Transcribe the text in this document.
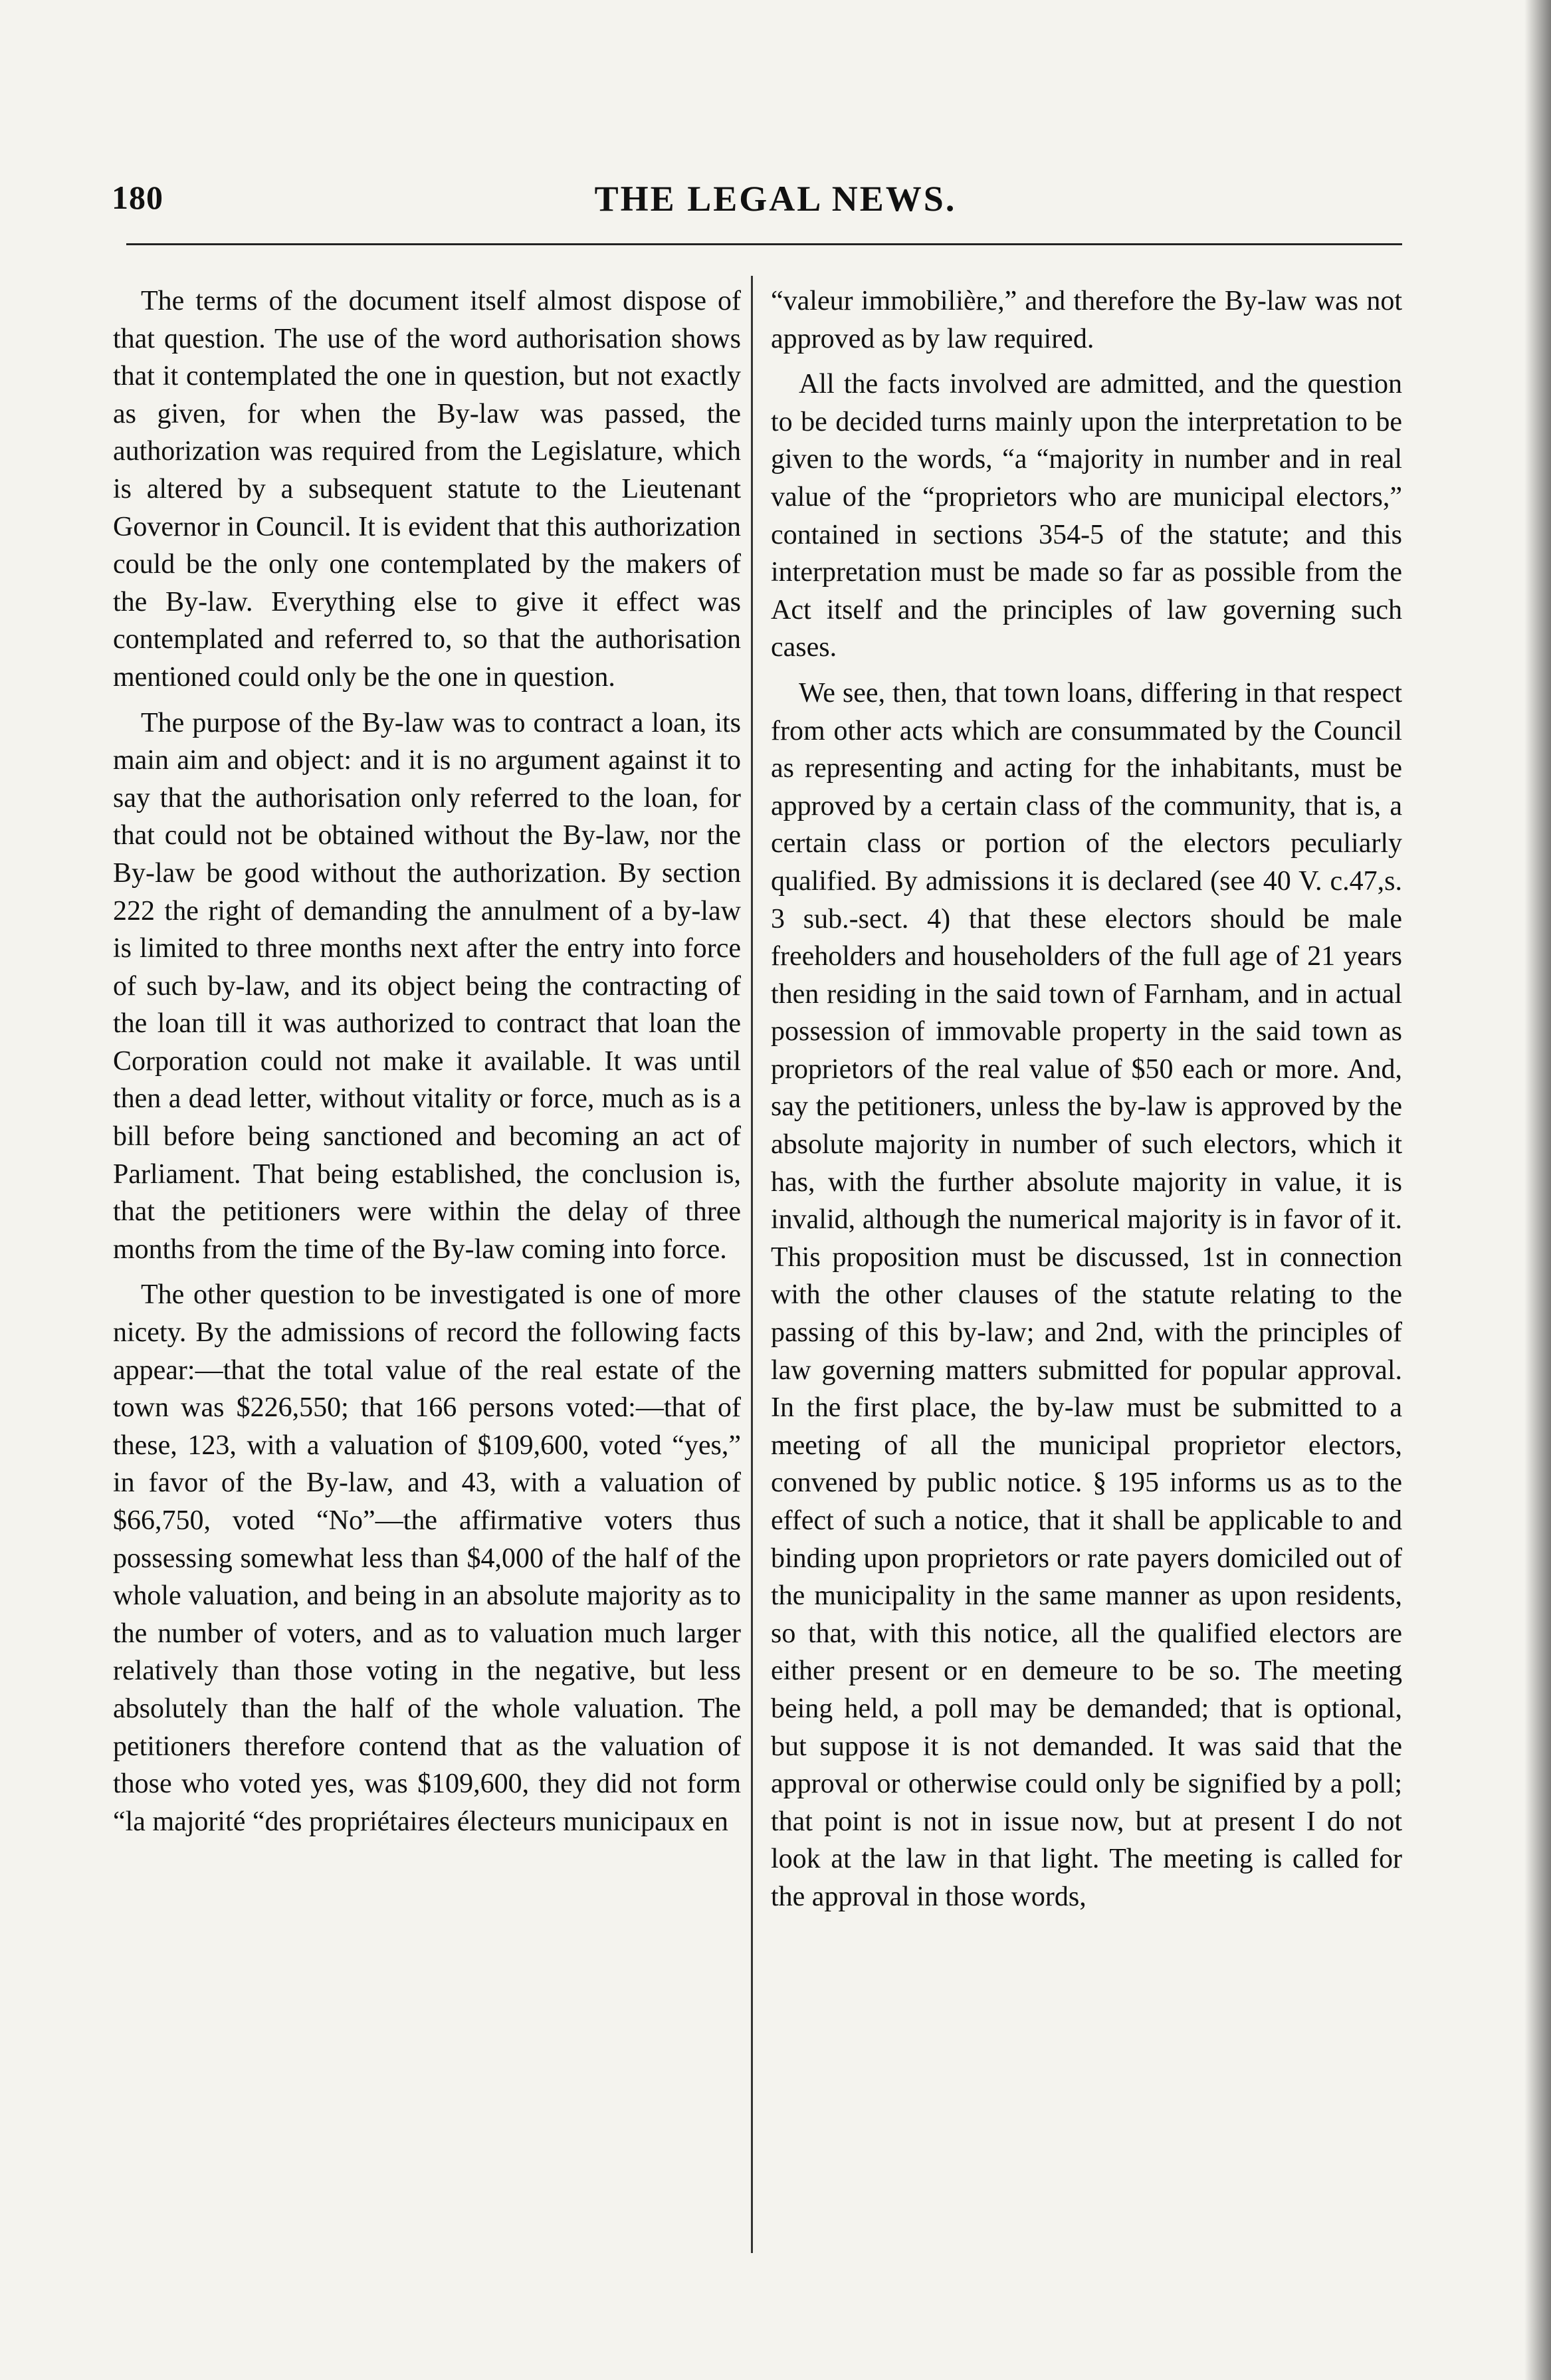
180	THE LEGAL NEWS.

The terms of the document itself almost dispose of that question. The use of the word authorisation shows that it contemplated the one in question, but not exactly as given, for when the By-law was passed, the authorization was required from the Legislature, which is altered by a subsequent statute to the Lieutenant Governor in Council. It is evident that this authorization could be the only one contemplated by the makers of the By-law. Everything else to give it effect was contemplated and referred to, so that the authorisation mentioned could only be the one in question.

The purpose of the By-law was to contract a loan, its main aim and object: and it is no argument against it to say that the authorisation only referred to the loan, for that could not be obtained without the By-law, nor the By-law be good without the authorization. By section 222 the right of demanding the annulment of a by-law is limited to three months next after the entry into force of such by-law, and its object being the contracting of the loan till it was authorized to contract that loan the Corporation could not make it available. It was until then a dead letter, without vitality or force, much as is a bill before being sanctioned and becoming an act of Parliament. That being established, the conclusion is, that the petitioners were within the delay of three months from the time of the By-law coming into force.

The other question to be investigated is one of more nicety. By the admissions of record the following facts appear:—that the total value of the real estate of the town was $226,550; that 166 persons voted:—that of these, 123, with a valuation of $109,600, voted “yes,” in favor of the By-law, and 43, with a valuation of $66,750, voted “No”—the affirmative voters thus possessing somewhat less than $4,000 of the half of the whole valuation, and being in an absolute majority as to the number of voters, and as to valuation much larger relatively than those voting in the negative, but less absolutely than the half of the whole valuation. The petitioners therefore contend that as the valuation of those who voted yes, was $109,600, they did not form “la majorité “des propriétaires électeurs municipaux en

“valeur immobilière,” and therefore the By-law was not approved as by law required.

All the facts involved are admitted, and the question to be decided turns mainly upon the interpretation to be given to the words, “a “majority in number and in real value of the “proprietors who are municipal electors,” contained in sections 354-5 of the statute; and this interpretation must be made so far as possible from the Act itself and the principles of law governing such cases.

We see, then, that town loans, differing in that respect from other acts which are consummated by the Council as representing and acting for the inhabitants, must be approved by a certain class of the community, that is, a certain class or portion of the electors peculiarly qualified. By admissions it is declared (see 40 V. c.47,s. 3 sub.-sect. 4) that these electors should be male freeholders and householders of the full age of 21 years then residing in the said town of Farnham, and in actual possession of immovable property in the said town as proprietors of the real value of $50 each or more. And, say the petitioners, unless the by-law is approved by the absolute majority in number of such electors, which it has, with the further absolute majority in value, it is invalid, although the numerical majority is in favor of it. This proposition must be discussed, 1st in connection with the other clauses of the statute relating to the passing of this by-law; and 2nd, with the principles of law governing matters submitted for popular approval. In the first place, the by-law must be submitted to a meeting of all the municipal proprietor electors, convened by public notice. § 195 informs us as to the effect of such a notice, that it shall be applicable to and binding upon proprietors or rate payers domiciled out of the municipality in the same manner as upon residents, so that, with this notice, all the qualified electors are either present or en demeure to be so. The meeting being held, a poll may be demanded; that is optional, but suppose it is not demanded. It was said that the approval or otherwise could only be signified by a poll; that point is not in issue now, but at present I do not look at the law in that light. The meeting is called for the approval in those words,
